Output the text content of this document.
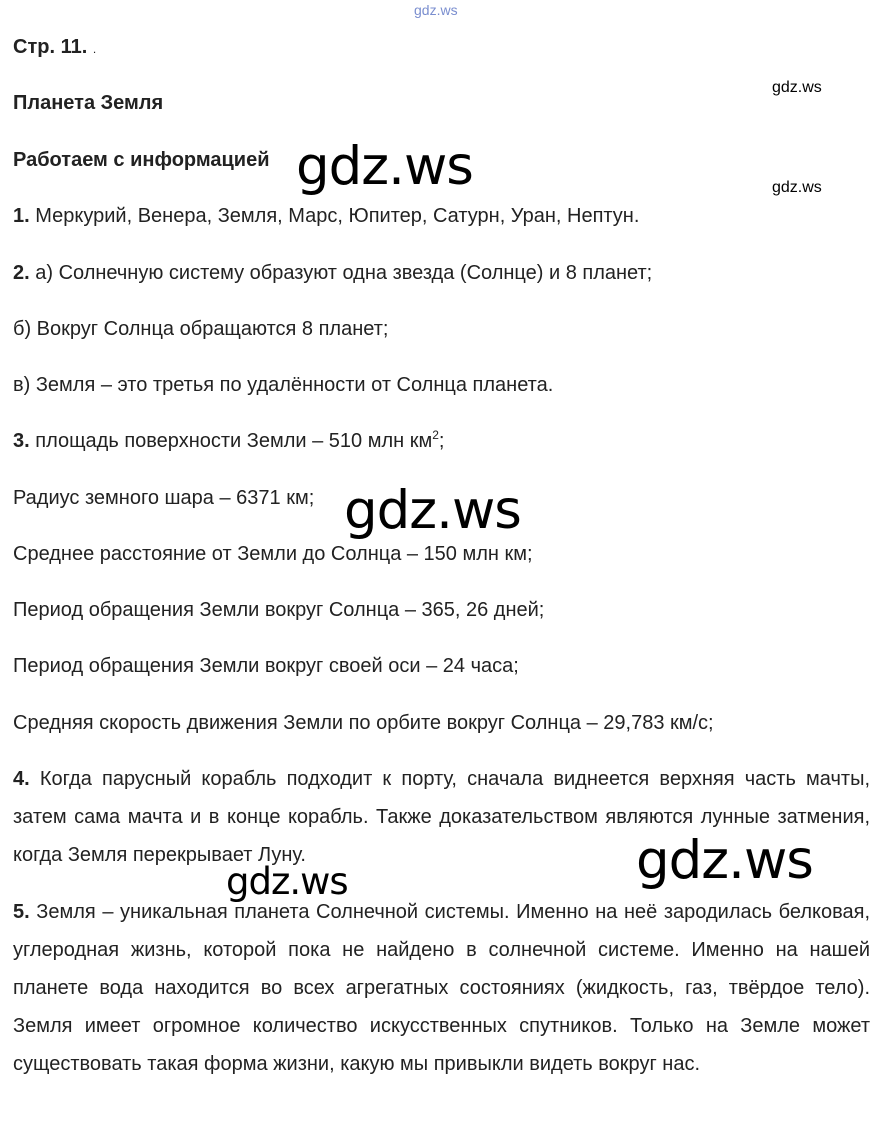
gdz.ws

Стр. 11. .

Планета Земля

gdz.ws

Работаем с информацией gdz.ws	gdz.ws

1. Меркурий, Венера, Земля, Марс, Юпитер, Сатурн, Уран, Нептун.

2. а) Солнечную систему образуют одна звезда (Солнце) и 8 планет;

б) Вокруг Солнца обращаются 8 планет;

в) Земля – это третья по удалённости от Солнца планета.

3. площадь поверхности Земли – 510 млн $км^2$;

Радиус земного шара – 6371 км; gdz.ws

Среднее расстояние от Земли до Солнца – 150 млн км;

Период обращения Земли вокруг Солнца – 365, 26 дней;

Период обращения Земли вокруг своей оси – 24 часа;

Средняя скорость движения Земли по орбите вокруг Солнца – 29,783 км/с;

4. Когда парусный корабль подходит к порту, сначала виднеется верхняя часть мачты, затем сама мачта и в конце корабль. Также доказательством являются лунные затмения, когда Земля перекрывает Луну.	gdz.ws
gdz.ws

5. Земля – уникальная планета Солнечной системы. Именно на неё зародилась белковая, углеродная жизнь, которой пока не найдено в солнечной системе. Именно на нашей планете вода находится во всех агрегатных состояниях (жидкость, газ, твёрдое тело). Земля имеет огромное количество искусственных спутников. Только на Земле может существовать такая форма жизни, какую мы привыкли видеть вокруг нас.
